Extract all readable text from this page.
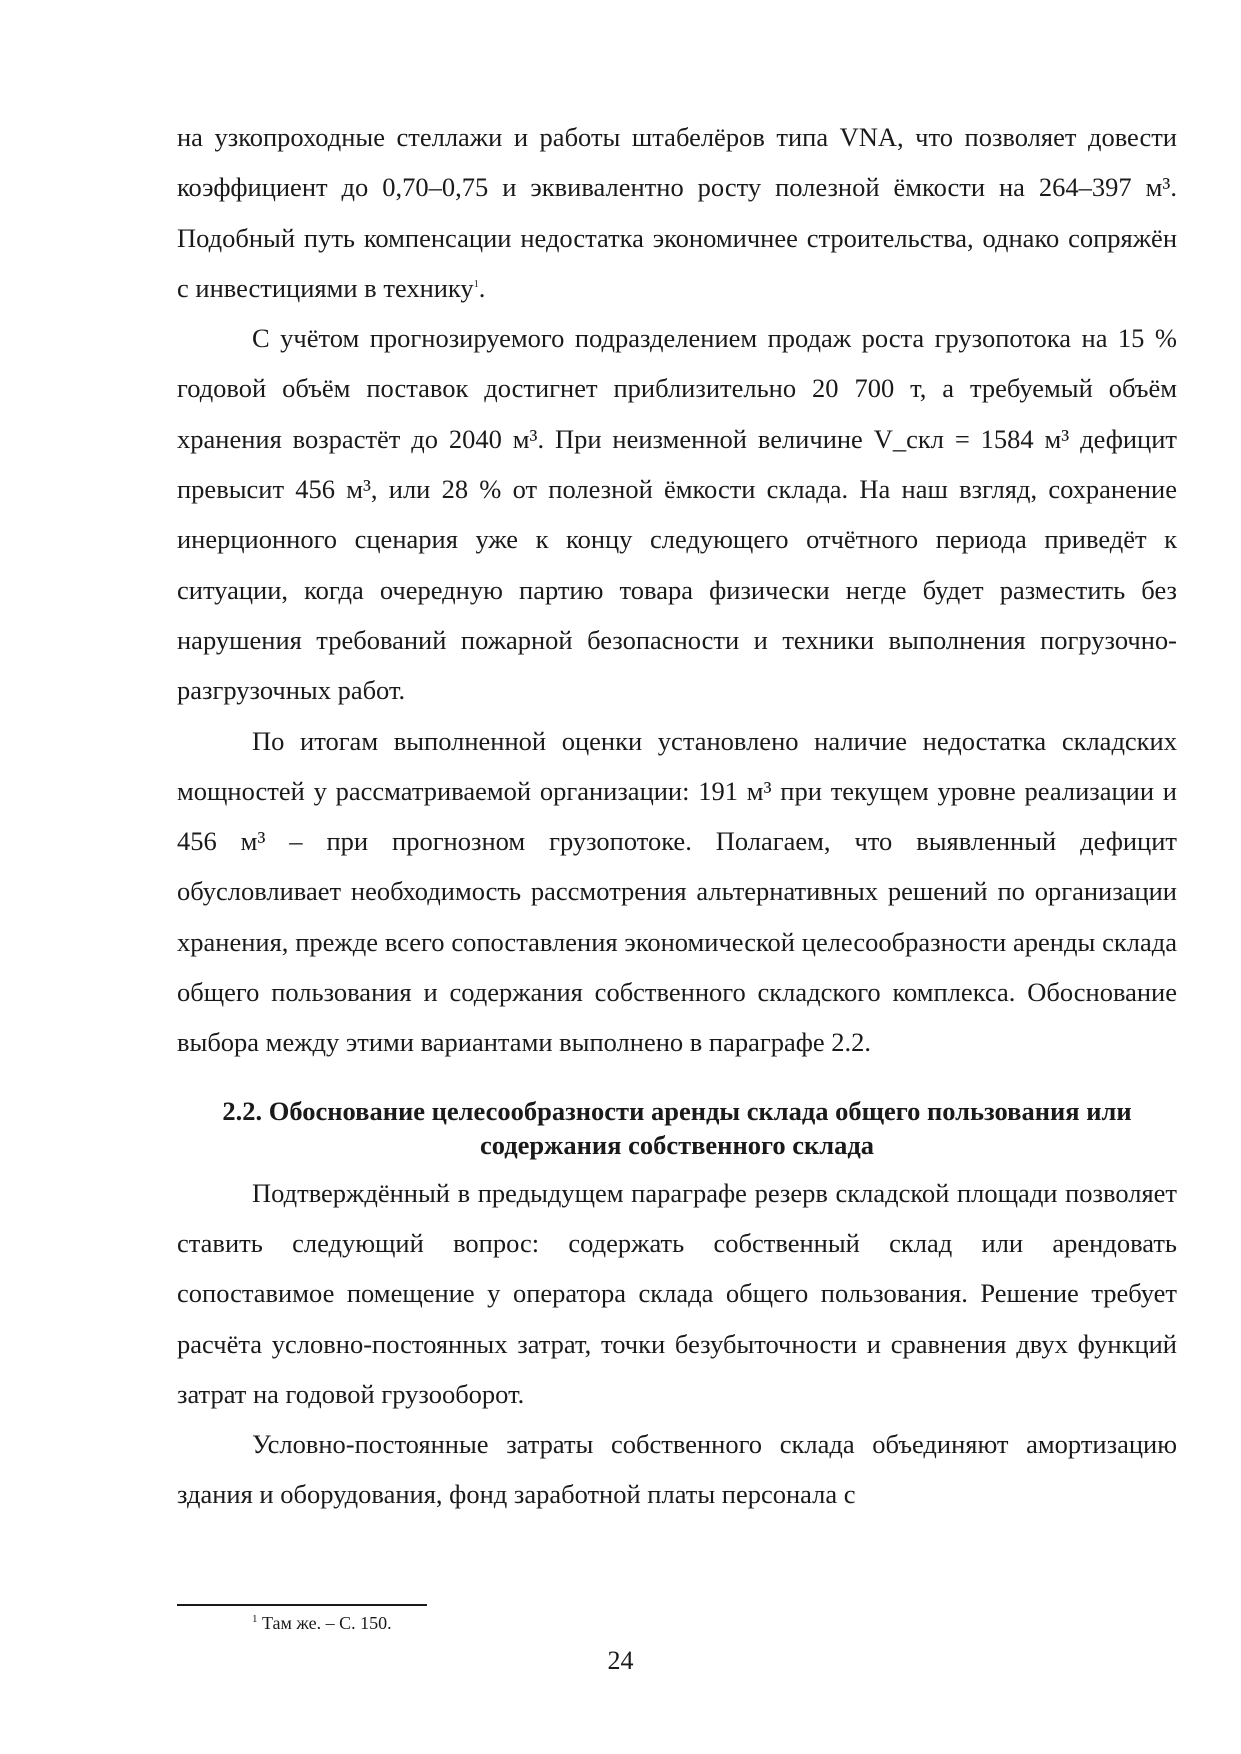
на узкопроходные стеллажи и работы штабелёров типа VNA, что позволяет довести коэффициент до 0,70–0,75 и эквивалентно росту полезной ёмкости на 264–397 м³. Подобный путь компенсации недостатка экономичнее строительства, однако сопряжён с инвестициями в технику$^1$.

С учётом прогнозируемого подразделением продаж роста грузопотока на 15 % годовой объём поставок достигнет приблизительно 20 700 т, а требуемый объём хранения возрастёт до 2040 м³. При неизменной величине V_скл = 1584 м³ дефицит превысит 456 м³, или 28 % от полезной ёмкости склада. На наш взгляд, сохранение инерционного сценария уже к концу следующего отчётного периода приведёт к ситуации, когда очередную партию товара физически негде будет разместить без нарушения требований пожарной безопасности и техники выполнения погрузочно-разгрузочных работ.

По итогам выполненной оценки установлено наличие недостатка складских мощностей у рассматриваемой организации: 191 м³ при текущем уровне реализации и 456 м³ – при прогнозном грузопотоке. Полагаем, что выявленный дефицит обусловливает необходимость рассмотрения альтернативных решений по организации хранения, прежде всего сопоставления экономической целесообразности аренды склада общего пользования и содержания собственного складского комплекса. Обоснование выбора между этими вариантами выполнено в параграфе 2.2.

2.2. Обоснование целесообразности аренды склада общего пользования или
содержания собственного склада

Подтверждённый в предыдущем параграфе резерв складской площади позволяет ставить следующий вопрос: содержать собственный склад или арендовать сопоставимое помещение у оператора склада общего пользования. Решение требует расчёта условно-постоянных затрат, точки безубыточности и сравнения двух функций затрат на годовой грузооборот.

Условно-постоянные затраты собственного склада объединяют амортизацию здания и оборудования, фонд заработной платы персонала с

$^1$ Там же. – С. 150.
24
